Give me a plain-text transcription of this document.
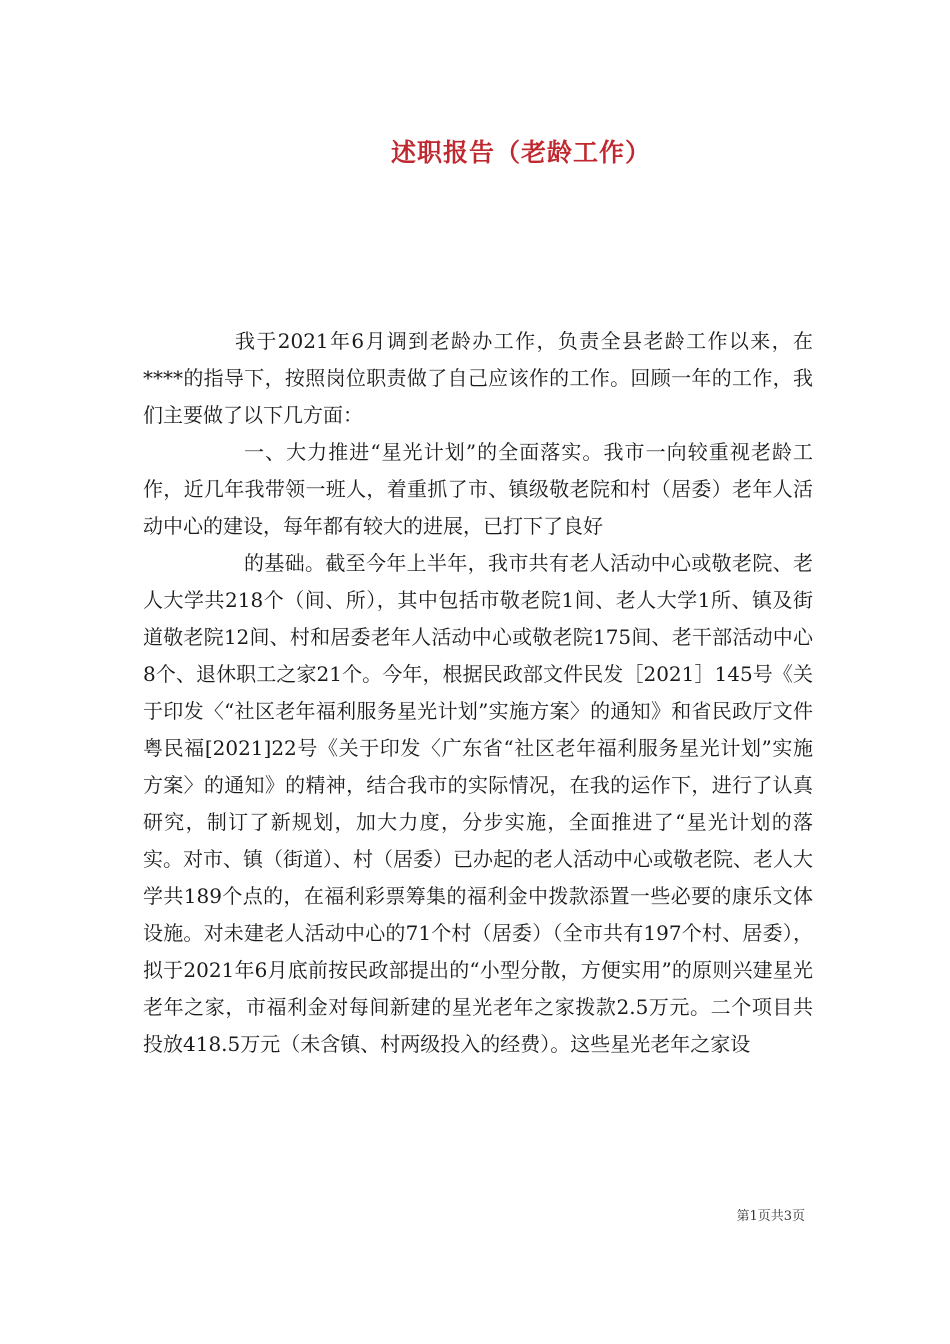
述职报告（老龄工作）

我于2021年6月调到老龄办工作，负责全县老龄工作以来，在****的指导下，按照岗位职责做了自己应该作的工作。回顾一年的工作，我们主要做了以下几方面：

一、大力推进“星光计划”的全面落实。我市一向较重视老龄工作，近几年我带领一班人，着重抓了市、镇级敬老院和村（居委）老年人活动中心的建设，每年都有较大的进展，已打下了良好

的基础。截至今年上半年，我市共有老人活动中心或敬老院、老人大学共218个（间、所），其中包括市敬老院1间、老人大学1所、镇及街道敬老院12间、村和居委老年人活动中心或敬老院175间、老干部活动中心8个、退休职工之家21个。今年，根据民政部文件民发［2021］145号《关于印发〈“社区老年福利服务星光计划”实施方案〉的通知》和省民政厅文件粤民福[2021]22号《关于印发〈广东省“社区老年福利服务星光计划”实施方案〉的通知》的精神，结合我市的实际情况，在我的运作下，进行了认真研究，制订了新规划，加大力度，分步实施，全面推进了“星光计划的落实。对市、镇（街道）、村（居委）已办起的老人活动中心或敬老院、老人大学共189个点的，在福利彩票筹集的福利金中拨款添置一些必要的康乐文体设施。对未建老人活动中心的71个村（居委）（全市共有197个村、居委），拟于2021年6月底前按民政部提出的“小型分散，方便实用”的原则兴建星光老年之家，市福利金对每间新建的星光老年之家拨款2.5万元。二个项目共投放418.5万元（未含镇、村两级投入的经费）。这些星光老年之家设

第1页共3页
